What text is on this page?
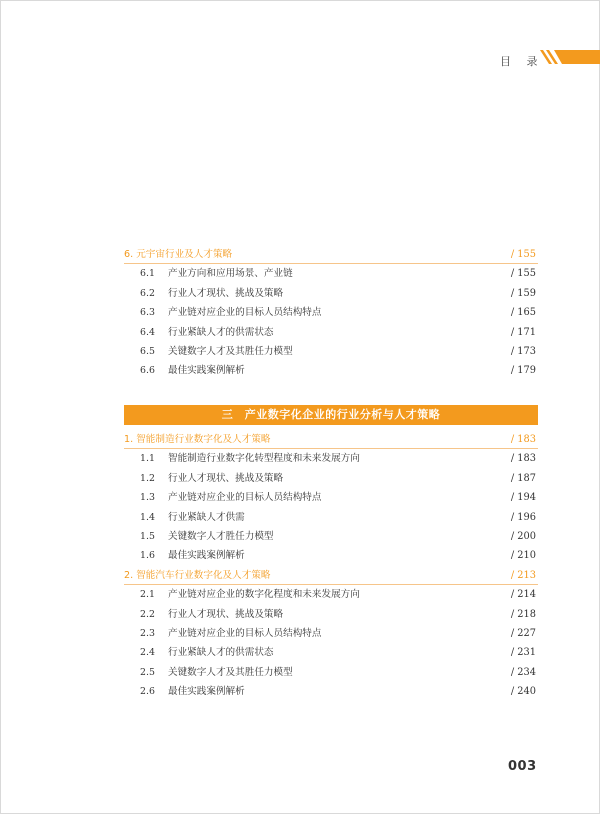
目 录
6. 元宇宙行业及人才策略	/ 155
6.1 产业方向和应用场景、产业链	/ 155
6.2 行业人才现状、挑战及策略	/ 159
6.3 产业链对应企业的目标人员结构特点	/ 165
6.4 行业紧缺人才的供需状态	/ 171
6.5 关键数字人才及其胜任力模型	/ 173
6.6 最佳实践案例解析	/ 179
三　产业数字化企业的行业分析与人才策略
1. 智能制造行业数字化及人才策略	/ 183
1.1 智能制造行业数字化转型程度和未来发展方向	/ 183
1.2 行业人才现状、挑战及策略	/ 187
1.3 产业链对应企业的目标人员结构特点	/ 194
1.4 行业紧缺人才供需	/ 196
1.5 关键数字人才胜任力模型	/ 200
1.6 最佳实践案例解析	/ 210
2. 智能汽车行业数字化及人才策略	/ 213
2.1 产业链对应企业的数字化程度和未来发展方向	/ 214
2.2 行业人才现状、挑战及策略	/ 218
2.3 产业链对应企业的目标人员结构特点	/ 227
2.4 行业紧缺人才的供需状态	/ 231
2.5 关键数字人才及其胜任力模型	/ 234
2.6 最佳实践案例解析	/ 240
003
